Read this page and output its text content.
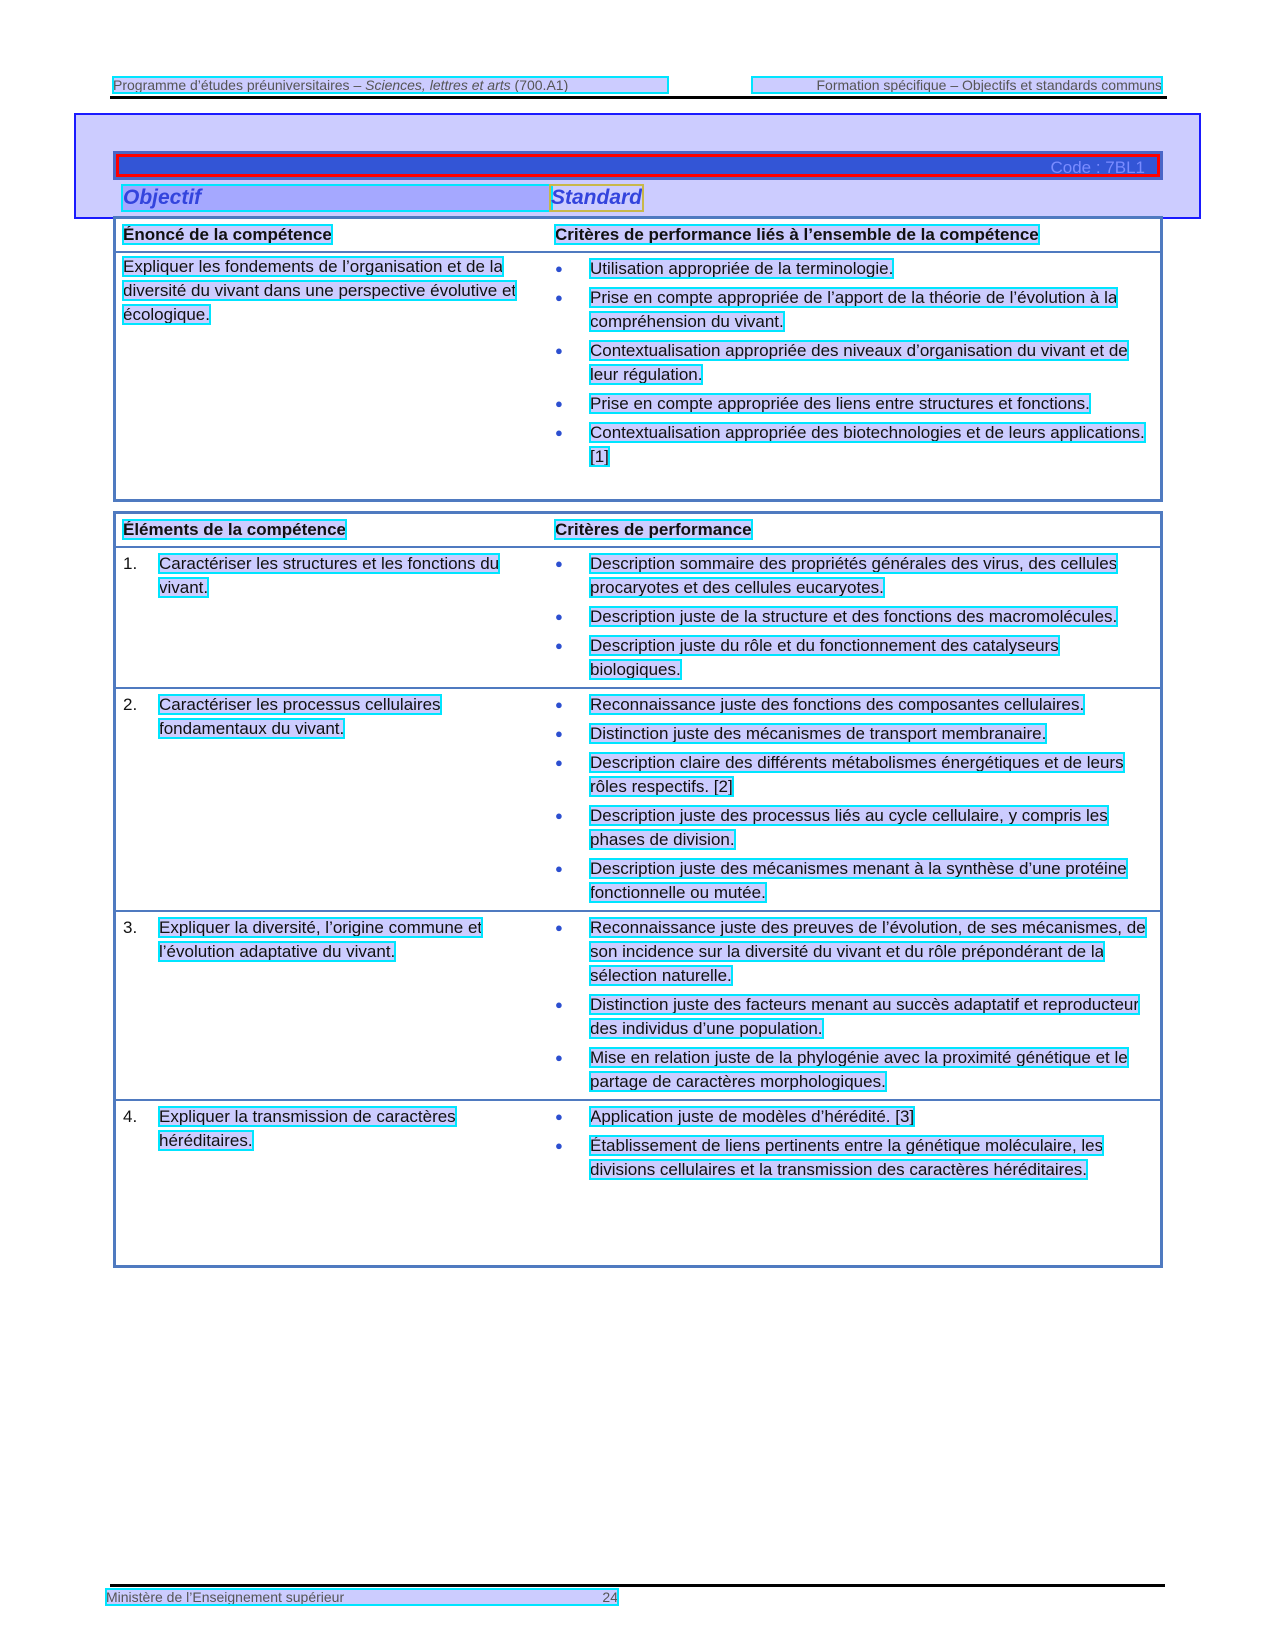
Programme d’études préuniversitaires – Sciences, lettres et arts (700.A1)	Formation spécifique – Objectifs et standards communs
Code : 7BL1
Objectif	Standard
Énoncé de la compétence	Critères de performance liés à l’ensemble de la compétence
Expliquer les fondements de l’organisation et de la diversité du vivant dans une perspective évolutive et écologique.
●	Utilisation appropriée de la terminologie.
●	Prise en compte appropriée de l’apport de la théorie de l’évolution à la compréhension du vivant.
●	Contextualisation appropriée des niveaux d’organisation du vivant et de leur régulation.
●	Prise en compte appropriée des liens entre structures et fonctions.
●	Contextualisation appropriée des biotechnologies et de leurs applications. [1]
Éléments de la compétence	Critères de performance
1.	Caractériser les structures et les fonctions du vivant.
●	Description sommaire des propriétés générales des virus, des cellules procaryotes et des cellules eucaryotes.
●	Description juste de la structure et des fonctions des macromolécules.
●	Description juste du rôle et du fonctionnement des catalyseurs biologiques.
2.	Caractériser les processus cellulaires fondamentaux du vivant.
●	Reconnaissance juste des fonctions des composantes cellulaires.
●	Distinction juste des mécanismes de transport membranaire.
●	Description claire des différents métabolismes énergétiques et de leurs rôles respectifs. [2]
●	Description juste des processus liés au cycle cellulaire, y compris les phases de division.
●	Description juste des mécanismes menant à la synthèse d’une protéine fonctionnelle ou mutée.
3.	Expliquer la diversité, l’origine commune et l’évolution adaptative du vivant.
●	Reconnaissance juste des preuves de l’évolution, de ses mécanismes, de son incidence sur la diversité du vivant et du rôle prépondérant de la sélection naturelle.
●	Distinction juste des facteurs menant au succès adaptatif et reproducteur des individus d’une population.
●	Mise en relation juste de la phylogénie avec la proximité génétique et le partage de caractères morphologiques.
4.	Expliquer la transmission de caractères héréditaires.
●	Application juste de modèles d’hérédité. [3]
●	Établissement de liens pertinents entre la génétique moléculaire, les divisions cellulaires et la transmission des caractères héréditaires.
Ministère de l’Enseignement supérieur	24
